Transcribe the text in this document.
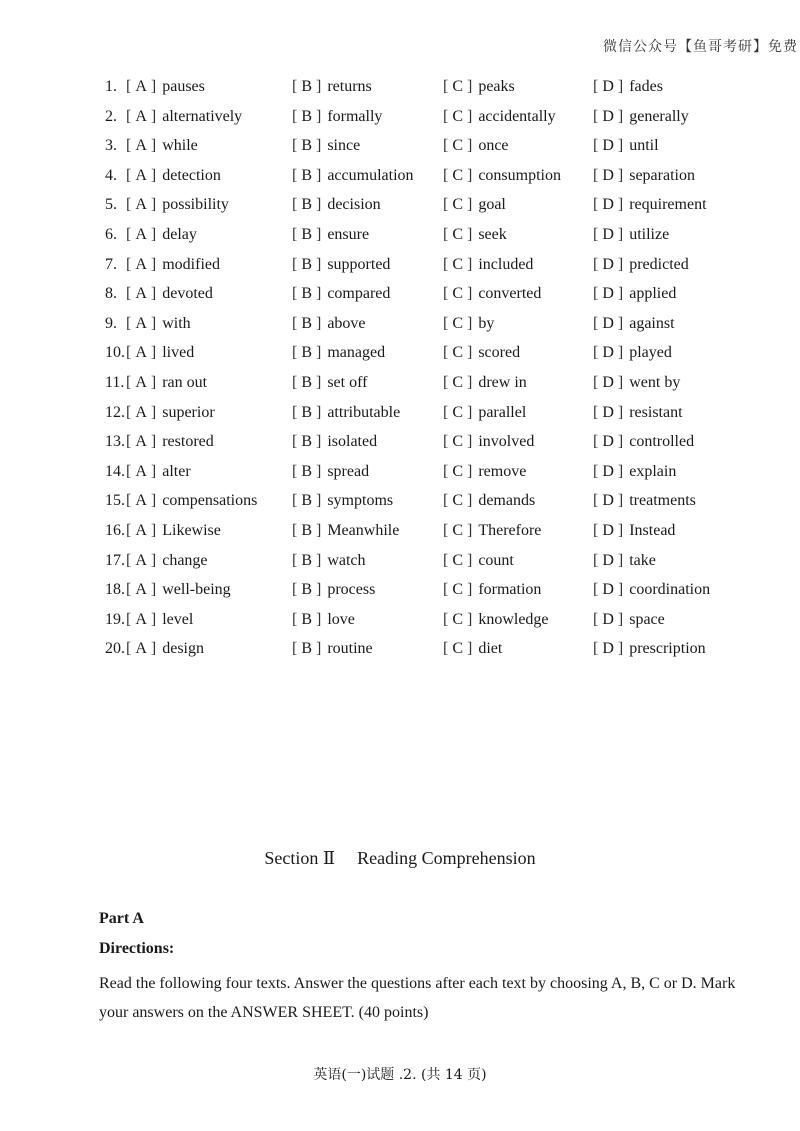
微信公众号【鱼哥考研】免费
1. [ A ] pauses	[ B ] returns	[ C ] peaks	[ D ] fades
2. [ A ] alternatively	[ B ] formally	[ C ] accidentally [ D ] generally
3. [ A ] while	[ B ] since	[ C ] once	[ D ] until
4. [ A ] detection	[ B ] accumulation [ C ] consumption [ D ] separation
5. [ A ] possibility	[ B ] decision	[ C ] goal	[ D ] requirement
6. [ A ] delay	[ B ] ensure	[ C ] seek	[ D ] utilize
7. [ A ] modified	[ B ] supported	[ C ] included	[ D ] predicted
8. [ A ] devoted	[ B ] compared	[ C ] converted	[ D ] applied
9. [ A ] with	[ B ] above	[ C ] by	[ D ] against
10. [ A ] lived	[ B ] managed	[ C ] scored	[ D ] played
11. [ A ] ran out	[ B ] set off	[ C ] drew in	[ D ] went by
12. [ A ] superior	[ B ] attributable	[ C ] parallel	[ D ] resistant
13. [ A ] restored	[ B ] isolated	[ C ] involved	[ D ] controlled
14. [ A ] alter	[ B ] spread	[ C ] remove	[ D ] explain
15. [ A ] compensations [ B ] symptoms	[ C ] demands	[ D ] treatments
16. [ A ] Likewise	[ B ] Meanwhile	[ C ] Therefore	[ D ] Instead
17. [ A ] change	[ B ] watch	[ C ] count	[ D ] take
18. [ A ] well-being	[ B ] process	[ C ] formation	[ D ] coordination
19. [ A ] level	[ B ] love	[ C ] knowledge	[ D ] space
20. [ A ] design	[ B ] routine	[ C ] diet	[ D ] prescription
Section Ⅱ Reading Comprehension
Part A
Directions:
Read the following four texts. Answer the questions after each text by choosing A, B, C or D. Mark your answers on the ANSWER SHEET. (40 points)
英语(一)试题 .2. (共 14 页)
